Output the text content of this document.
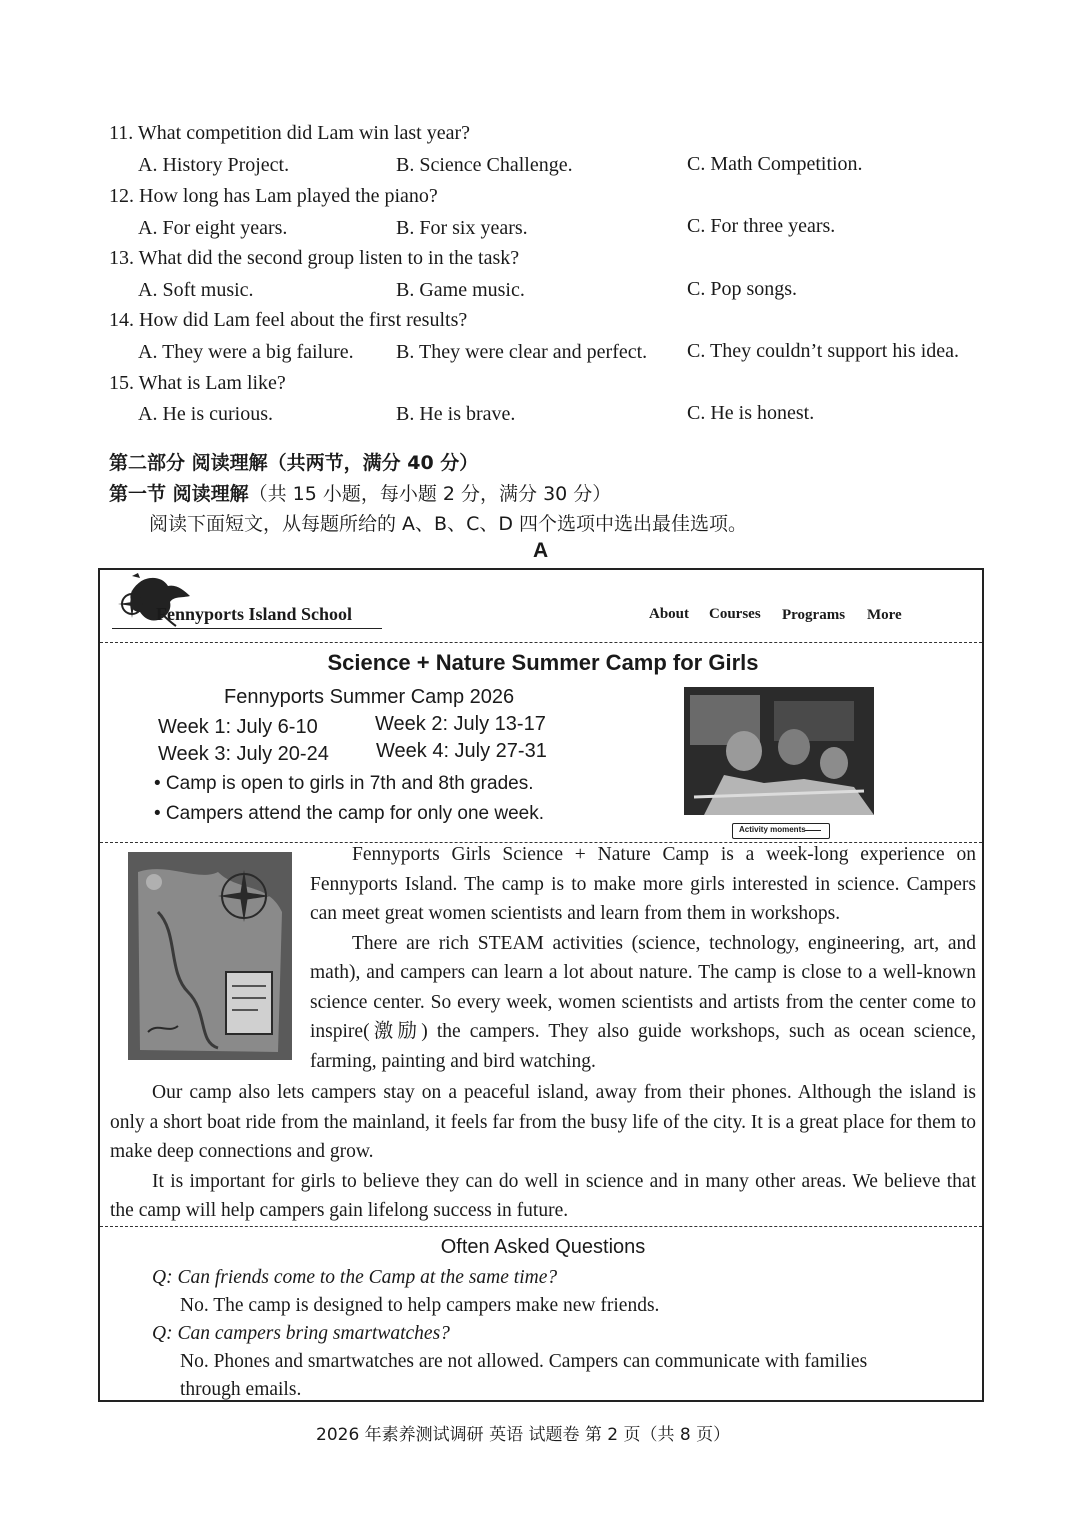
11. What competition did Lam win last year?
A. History Project.	B. Science Challenge.	C. Math Competition.
12. How long has Lam played the piano?
A. For eight years.	B. For six years.	C. For three years.
13. What did the second group listen to in the task?
A. Soft music.	B. Game music.	C. Pop songs.
14. How did Lam feel about the first results?
A. They were a big failure. B. They were clear and perfect. C. They couldn’t support his idea.
15. What is Lam like?
A. He is curious.	B. He is brave.	C. He is honest.
第二部分 阅读理解（共两节，满分 40 分）
第一节 阅读理解（共 15 小题，每小题 2 分，满分 30 分）
阅读下面短文，从每题所给的 A、B、C、D 四个选项中选出最佳选项。
A
Fennyports Island School	About Courses Programs More
Science + Nature Summer Camp for Girls
Fennyports Summer Camp 2026
Week 1: July 6-10	Week 2: July 13-17
Week 3: July 20-24 Week 4: July 27-31
• Camp is open to girls in 7th and 8th grades.
• Campers attend the camp for only one week.
Activity moments

Fennyports Girls Science + Nature Camp is a week-long experience on Fennyports Island. The camp is to make more girls interested in science. Campers can meet great women scientists and learn from them in workshops.

There are rich STEAM activities (science, technology, engineering, art, and math), and campers can learn a lot about nature. The camp is close to a well-known science center. So every week, women scientists and artists from the center come to inspire(激励) the campers. They also guide workshops, such as ocean science, farming, painting and bird watching.

Our camp also lets campers stay on a peaceful island, away from their phones. Although the island is only a short boat ride from the mainland, it feels far from the busy life of the city. It is a great place for them to make deep connections and grow.

It is important for girls to believe they can do well in science and in many other areas. We believe that the camp will help campers gain lifelong success in future.

Often Asked Questions
Q: Can friends come to the Camp at the same time?
No. The camp is designed to help campers make new friends.
Q: Can campers bring smartwatches?
No. Phones and smartwatches are not allowed. Campers can communicate with families through emails.
2026 年素养测试调研 英语 试题卷 第 2 页（共 8 页）
